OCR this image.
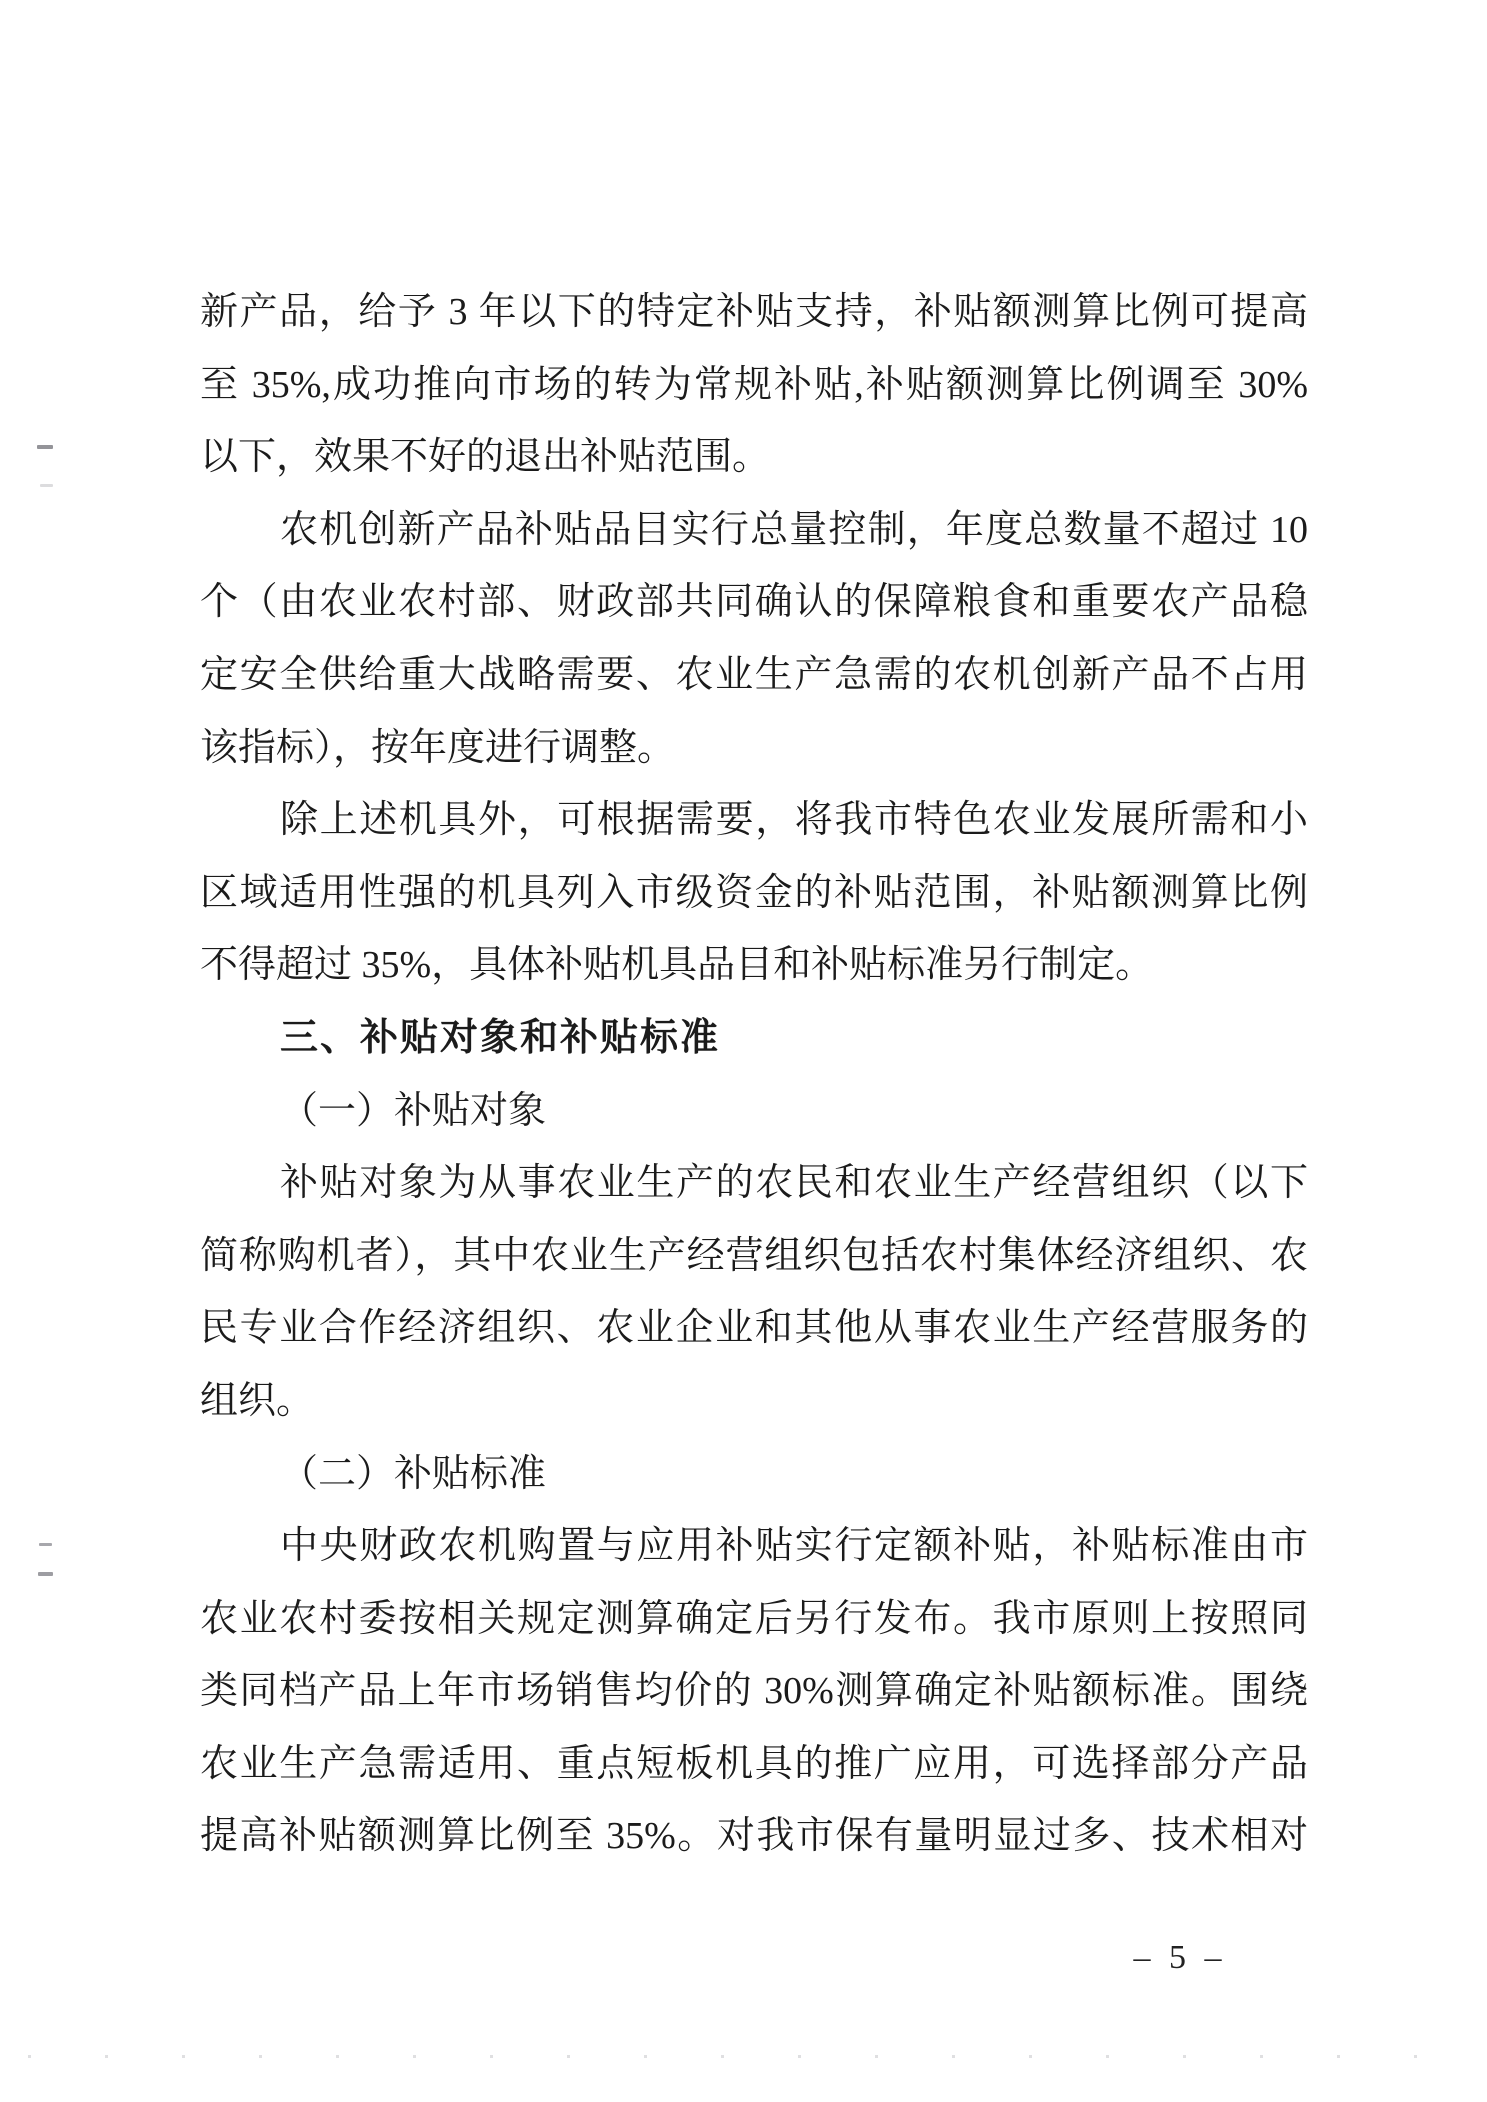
新产品，给予 3 年以下的特定补贴支持，补贴额测算比例可提高
至 35%,成功推向市场的转为常规补贴,补贴额测算比例调至 30%
以下，效果不好的退出补贴范围。
农机创新产品补贴品目实行总量控制，年度总数量不超过 10
个（由农业农村部、财政部共同确认的保障粮食和重要农产品稳
定安全供给重大战略需要、农业生产急需的农机创新产品不占用
该指标），按年度进行调整。
除上述机具外，可根据需要，将我市特色农业发展所需和小
区域适用性强的机具列入市级资金的补贴范围，补贴额测算比例
不得超过 35%，具体补贴机具品目和补贴标准另行制定。
三、补贴对象和补贴标准
（一）补贴对象
补贴对象为从事农业生产的农民和农业生产经营组织（以下
简称购机者），其中农业生产经营组织包括农村集体经济组织、农
民专业合作经济组织、农业企业和其他从事农业生产经营服务的
组织。
（二）补贴标准
中央财政农机购置与应用补贴实行定额补贴，补贴标准由市
农业农村委按相关规定测算确定后另行发布。我市原则上按照同
类同档产品上年市场销售均价的 30%测算确定补贴额标准。围绕
农业生产急需适用、重点短板机具的推广应用，可选择部分产品
提高补贴额测算比例至 35%。对我市保有量明显过多、技术相对
– 5 –
